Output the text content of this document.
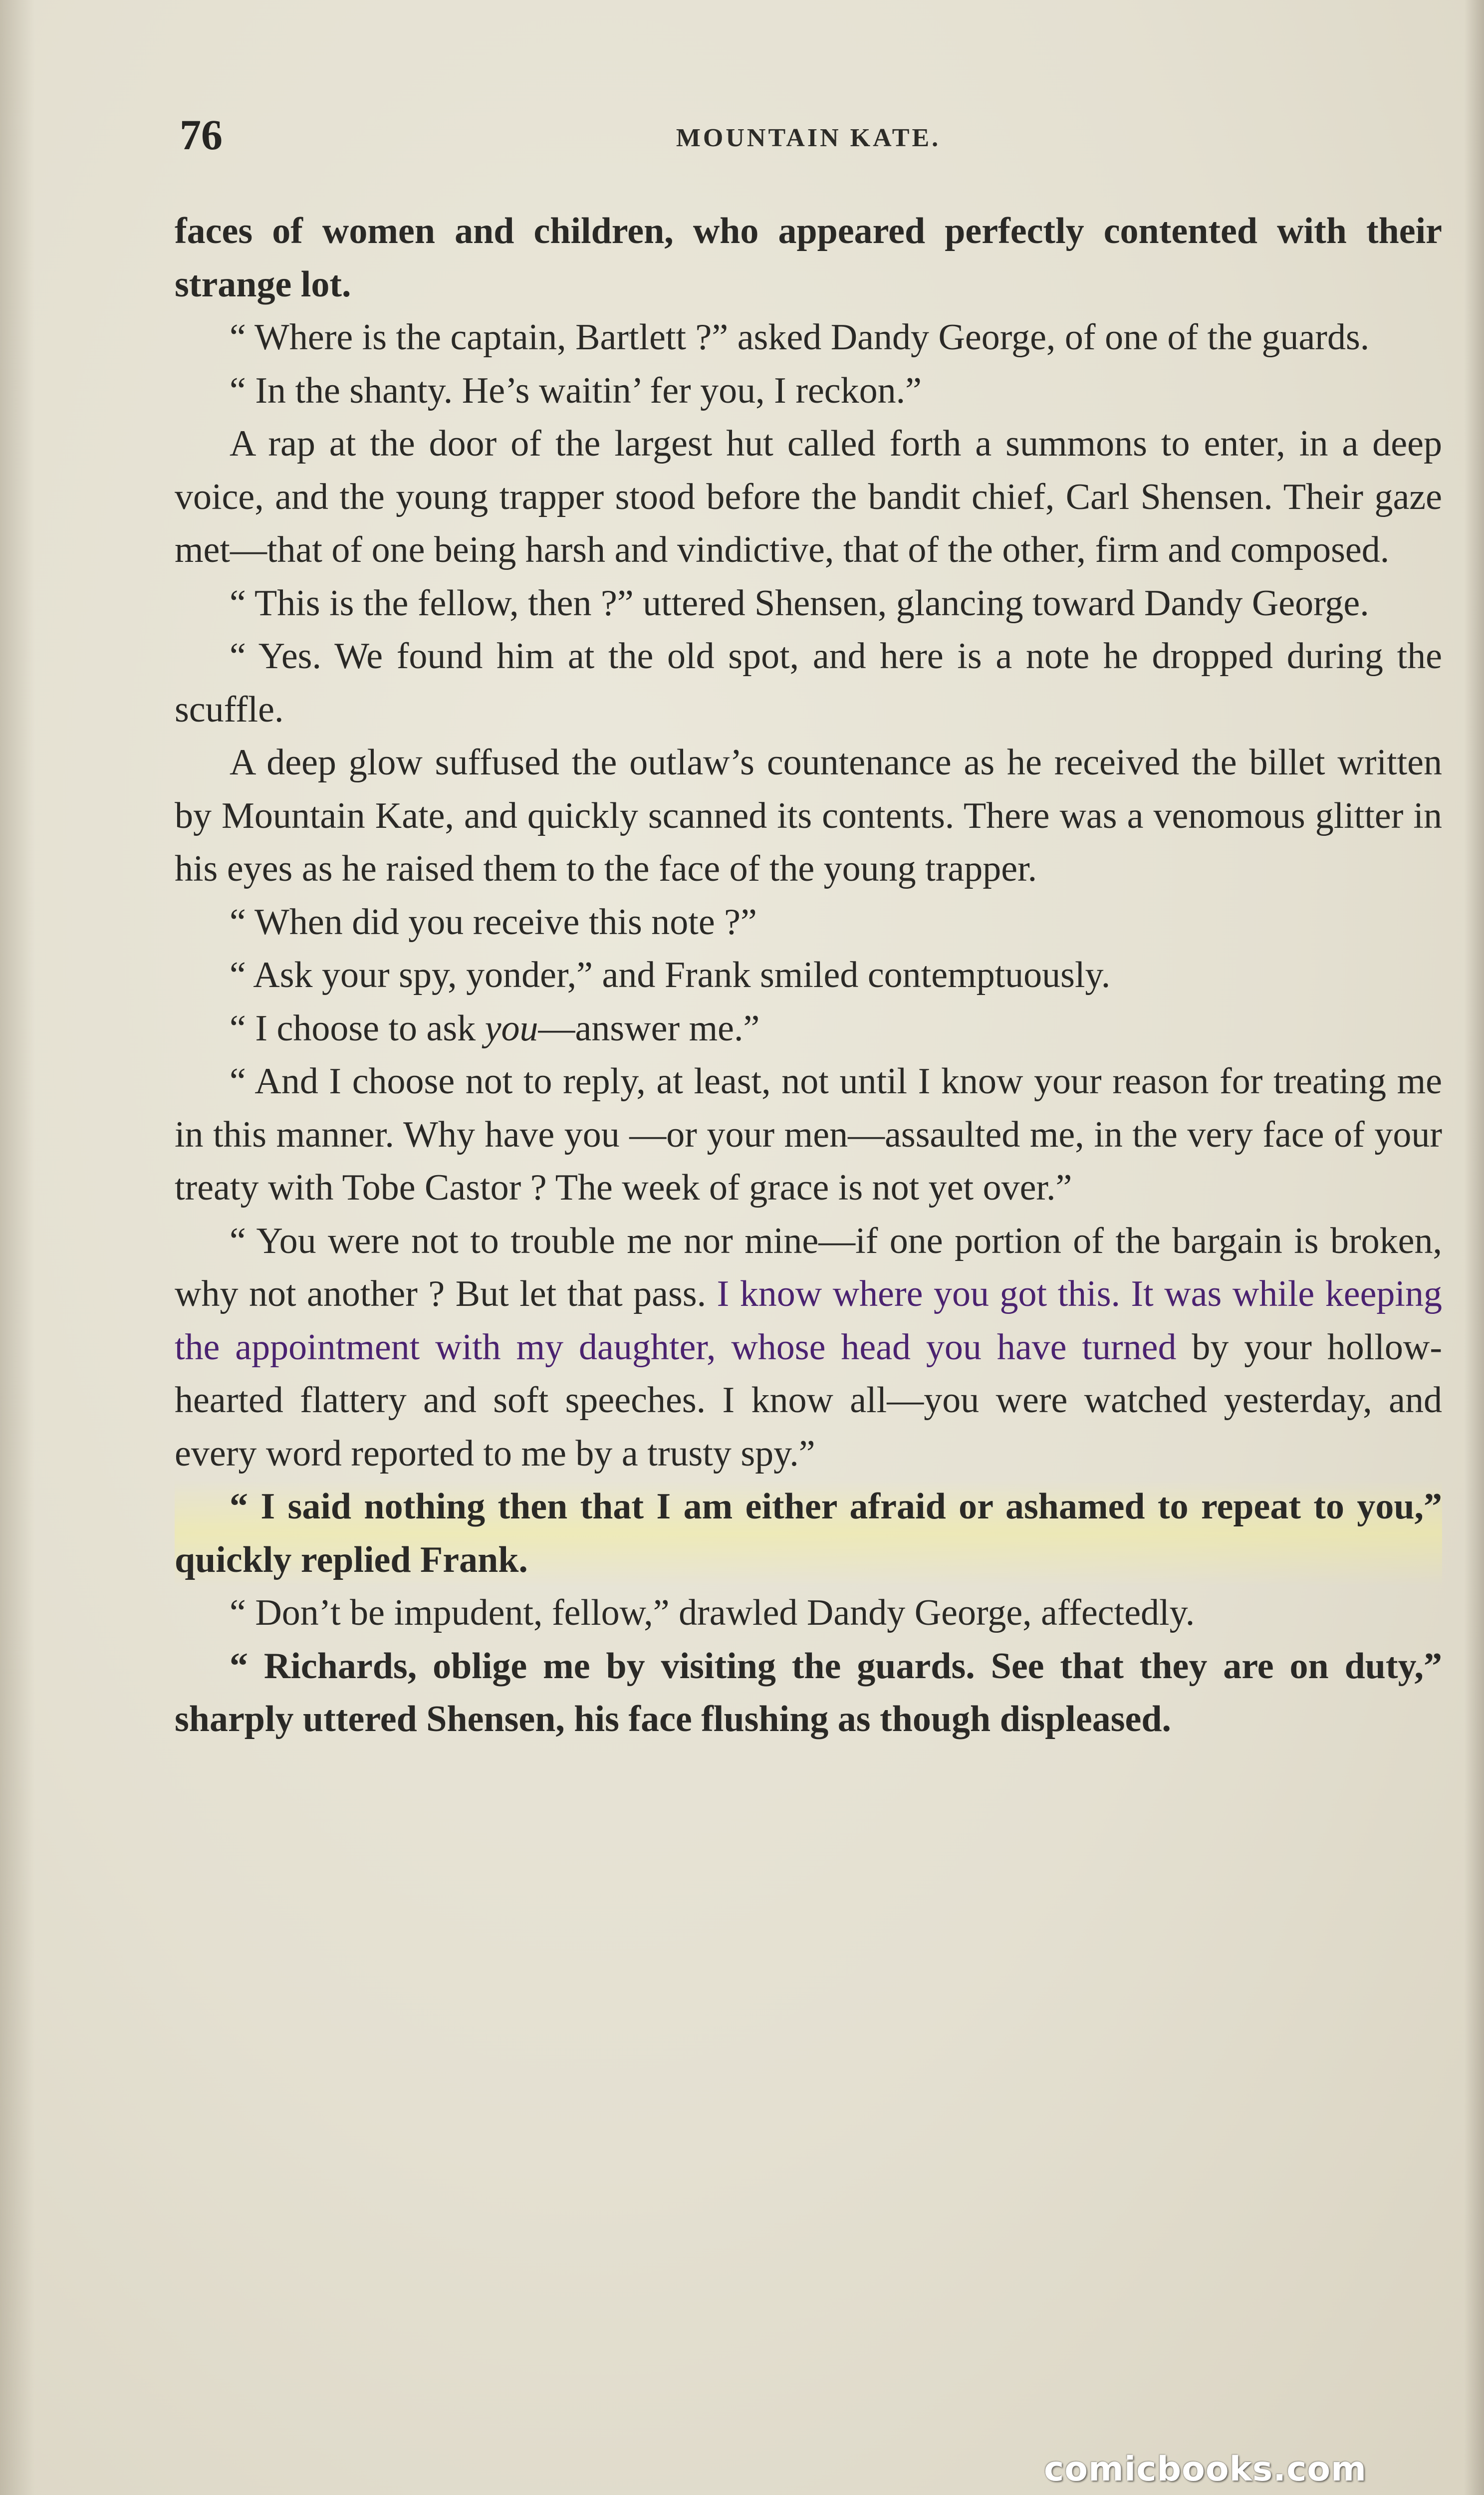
76	MOUNTAIN KATE.

faces of women and children, who appeared perfectly contented with their strange lot.

“ Where is the captain, Bartlett ?” asked Dandy George, of one of the guards.

“ In the shanty. He’s waitin’ fer you, I reckon.”

A rap at the door of the largest hut called forth a summons to enter, in a deep voice, and the young trapper stood before the bandit chief, Carl Shensen. Their gaze met—that of one being harsh and vindictive, that of the other, firm and composed.

“ This is the fellow, then ?” uttered Shensen, glancing toward Dandy George.

“ Yes. We found him at the old spot, and here is a note he dropped during the scuffle.

A deep glow suffused the outlaw’s countenance as he received the billet written by Mountain Kate, and quickly scanned its contents. There was a venomous glitter in his eyes as he raised them to the face of the young trapper.

“ When did you receive this note ?”

“ Ask your spy, yonder,” and Frank smiled contemptuously.

“ I choose to ask you—answer me.”

“ And I choose not to reply, at least, not until I know your reason for treating me in this manner. Why have you —or your men—assaulted me, in the very face of your treaty with Tobe Castor ? The week of grace is not yet over.”

“ You were not to trouble me nor mine—if one portion of the bargain is broken, why not another ? But let that pass. I know where you got this. It was while keeping the appointment with my daughter, whose head you have turned by your hollow-hearted flattery and soft speeches. I know all—you were watched yesterday, and every word reported to me by a trusty spy.”

“ I said nothing then that I am either afraid or ashamed to repeat to you,” quickly replied Frank.

“ Don’t be impudent, fellow,” drawled Dandy George, affectedly.

“ Richards, oblige me by visiting the guards. See that they are on duty,” sharply uttered Shensen, his face flushing as though displeased.

comicbooks.com
